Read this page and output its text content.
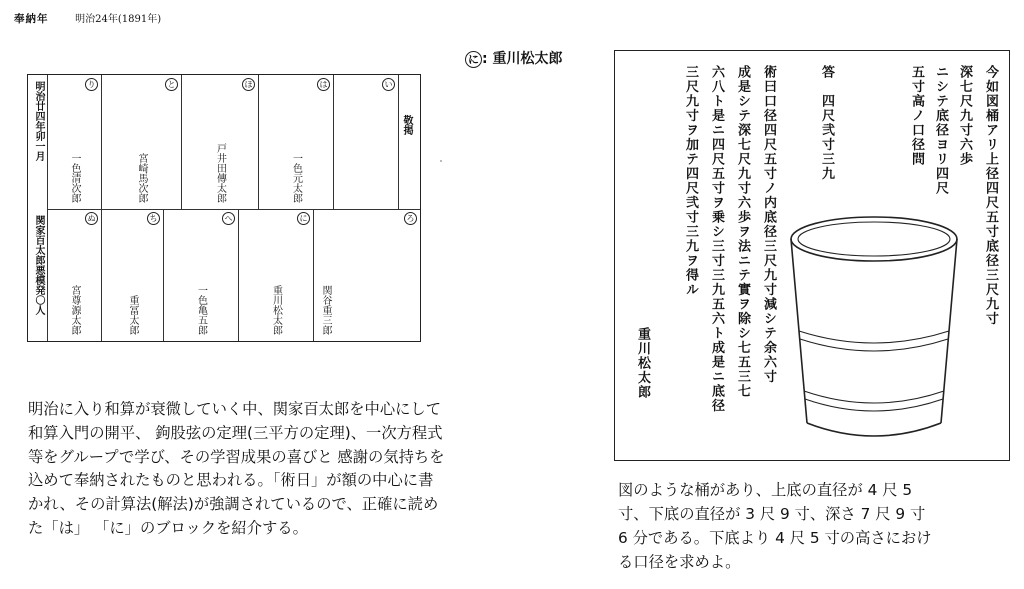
奉納年	明治24年(1891年)
明治廿四年卯一月
関家百太郎悪模発〇人
り
一色清次郎
と
宮崎馬次郎
ほ
戸井田傳太郎
は
一色元太郎
い
敬掲
ぬ
宮尊源太郎
ち
重冨太郎
へ
一色亀五郎
に
重川松太郎
ろ
関谷重三郎
に : 重川松太郎

明治に入り和算が衰微していく中、関家百太郎を中心にして

和算入門の開平、 鉤股弦の定理(三平方の定理)、一次方程式

等をグループで学び、その学習成果の喜びと 感謝の気持ちを

込めて奉納されたものと思われる。「術日」が額の中心に書

かれ、その計算法(解法)が強調されているので、正確に読め

た「は」 「に」のブロックを紹介する。

今如図桶アリ上径四尺五寸底径三尺九寸
深七尺九寸六歩
ニシテ底径ヨリ四尺
五寸高ノ口径問
答　四尺弐寸三九
術曰口径四尺五寸ノ内底径三尺九寸減シテ余六寸
成是シテ深七尺九寸六歩ヲ法ニテ實ヲ除シ七五三七
六八ト是ニ四尺五寸ヲ乗シ三寸三九五六ト成是ニ底径
三尺九寸ヲ加テ四尺弐寸三九ヲ得ル
重川松太郎

図のような桶があり、上底の直径が 4 尺 5

寸、下底の直径が 3 尺 9 寸、深さ 7 尺 9 寸

6 分である。下底より 4 尺 5 寸の高さにおけ

る口径を求めよ。
